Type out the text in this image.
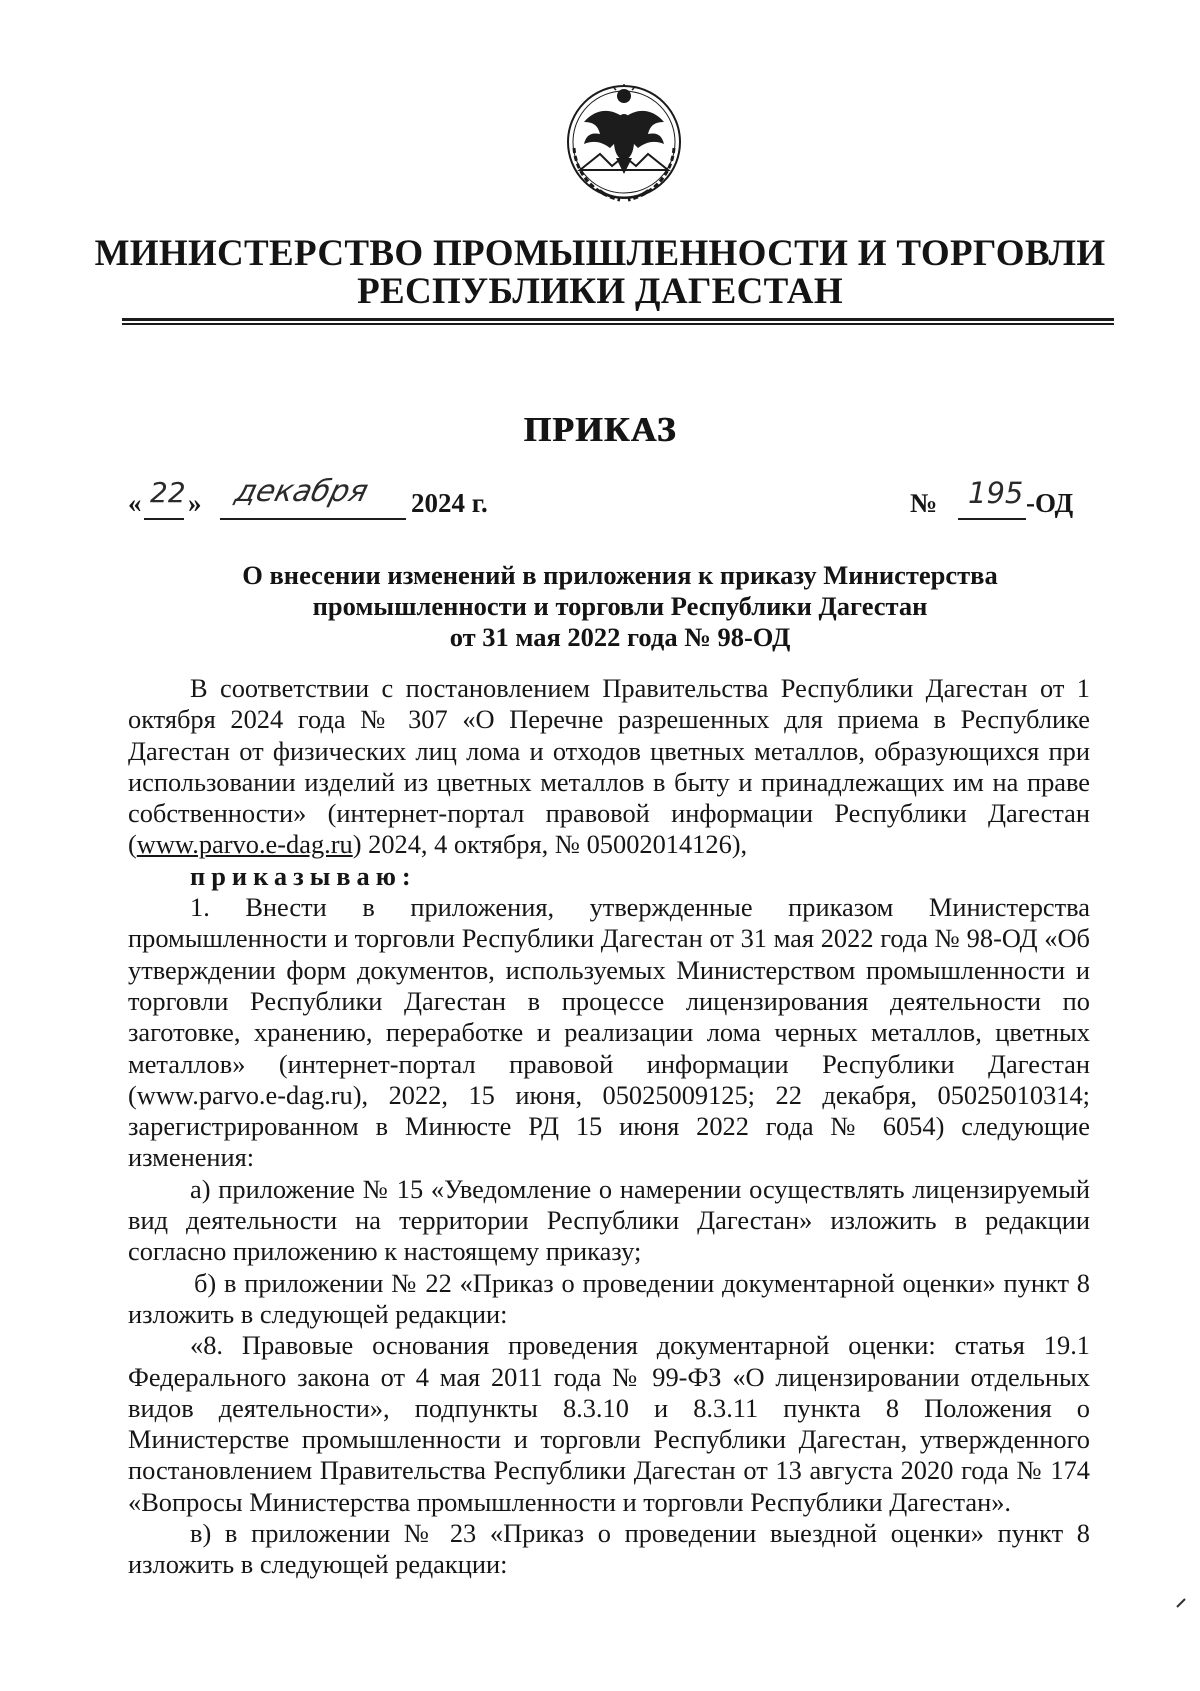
МИНИСТЕРСТВО ПРОМЫШЛЕННОСТИ И ТОРГОВЛИ
РЕСПУБЛИКИ ДАГЕСТАН
ПРИКАЗ
« 22 » декабря 2024 г.	№ 195 -ОД

О внесении изменений в приложения к приказу Министерства

промышленности и торговли Республики Дагестан

от 31 мая 2022 года № 98-ОД

В соответствии с постановлением Правительства Республики Дагестан от 1 октября 2024 года № 307 «О Перечне разрешенных для приема в Республике Дагестан от физических лиц лома и отходов цветных металлов, образующихся при использовании изделий из цветных металлов в быту и принадлежащих им на праве собственности» (интернет-портал правовой информации Республики Дагестан (www.parvo.e-dag.ru) 2024, 4 октября, № 05002014126),

приказываю:

1. Внести в приложения, утвержденные приказом Министерства промышленности и торговли Республики Дагестан от 31 мая 2022 года № 98-ОД «Об утверждении форм документов, используемых Министерством промышленности и торговли Республики Дагестан в процессе лицензирования деятельности по заготовке, хранению, переработке и реализации лома черных металлов, цветных металлов» (интернет-портал правовой информации Республики Дагестан (www.parvo.e-dag.ru), 2022, 15 июня, 05025009125; 22 декабря, 05025010314; зарегистрированном в Минюсте РД 15 июня 2022 года № 6054) следующие изменения:

а) приложение № 15 «Уведомление о намерении осуществлять лицензируемый вид деятельности на территории Республики Дагестан» изложить в редакции согласно приложению к настоящему приказу;

б) в приложении № 22 «Приказ о проведении документарной оценки» пункт 8 изложить в следующей редакции:

«8. Правовые основания проведения документарной оценки: статья 19.1 Федерального закона от 4 мая 2011 года № 99-ФЗ «О лицензировании отдельных видов деятельности», подпункты 8.3.10 и 8.3.11 пункта 8 Положения о Министерстве промышленности и торговли Республики Дагестан, утвержденного постановлением Правительства Республики Дагестан от 13 августа 2020 года № 174 «Вопросы Министерства промышленности и торговли Республики Дагестан».

в) в приложении № 23 «Приказ о проведении выездной оценки» пункт 8 изложить в следующей редакции:
